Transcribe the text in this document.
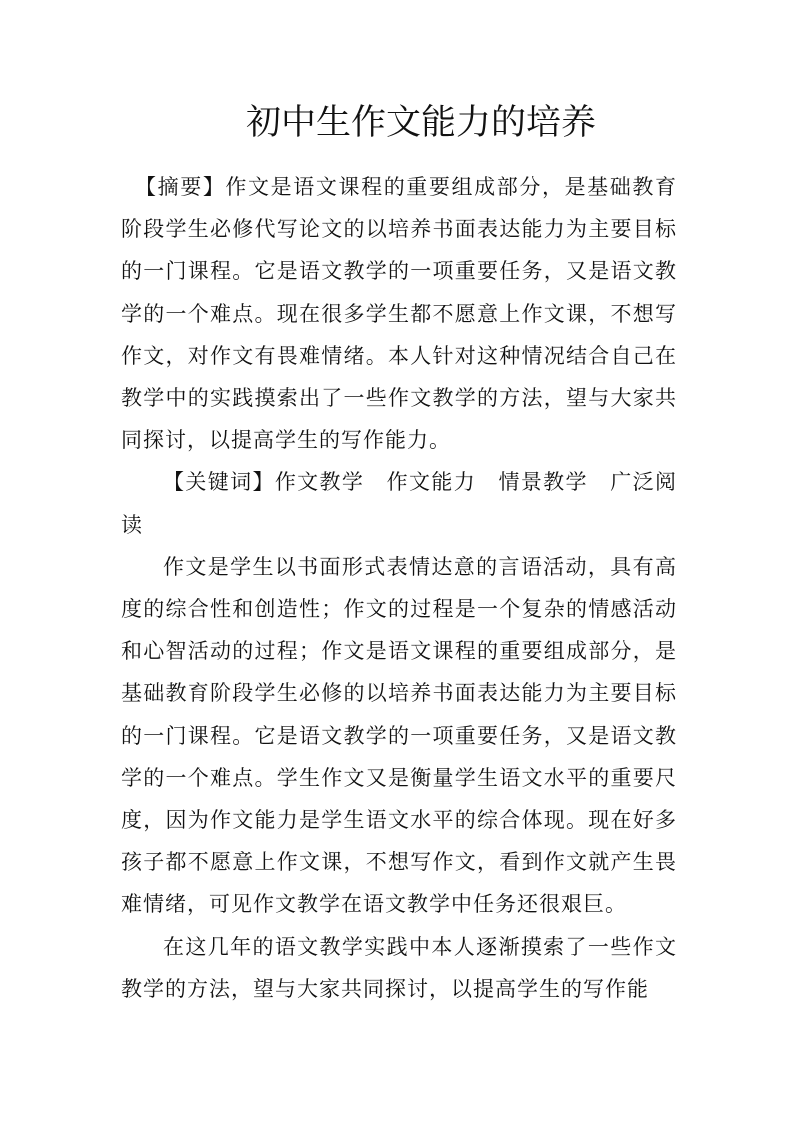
初中生作文能力的培养

【摘要】作文是语文课程的重要组成部分，是基础教育阶段学生必修代写论文的以培养书面表达能力为主要目标的一门课程。它是语文教学的一项重要任务，又是语文教学的一个难点。现在很多学生都不愿意上作文课，不想写作文，对作文有畏难情绪。本人针对这种情况结合自己在教学中的实践摸索出了一些作文教学的方法，望与大家共同探讨，以提高学生的写作能力。

【关键词】作文教学　作文能力　情景教学　广泛阅读

作文是学生以书面形式表情达意的言语活动，具有高度的综合性和创造性；作文的过程是一个复杂的情感活动和心智活动的过程；作文是语文课程的重要组成部分，是基础教育阶段学生必修的以培养书面表达能力为主要目标的一门课程。它是语文教学的一项重要任务，又是语文教学的一个难点。学生作文又是衡量学生语文水平的重要尺度，因为作文能力是学生语文水平的综合体现。现在好多孩子都不愿意上作文课，不想写作文，看到作文就产生畏难情绪，可见作文教学在语文教学中任务还很艰巨。

在这几年的语文教学实践中本人逐渐摸索了一些作文教学的方法，望与大家共同探讨，以提高学生的写作能
